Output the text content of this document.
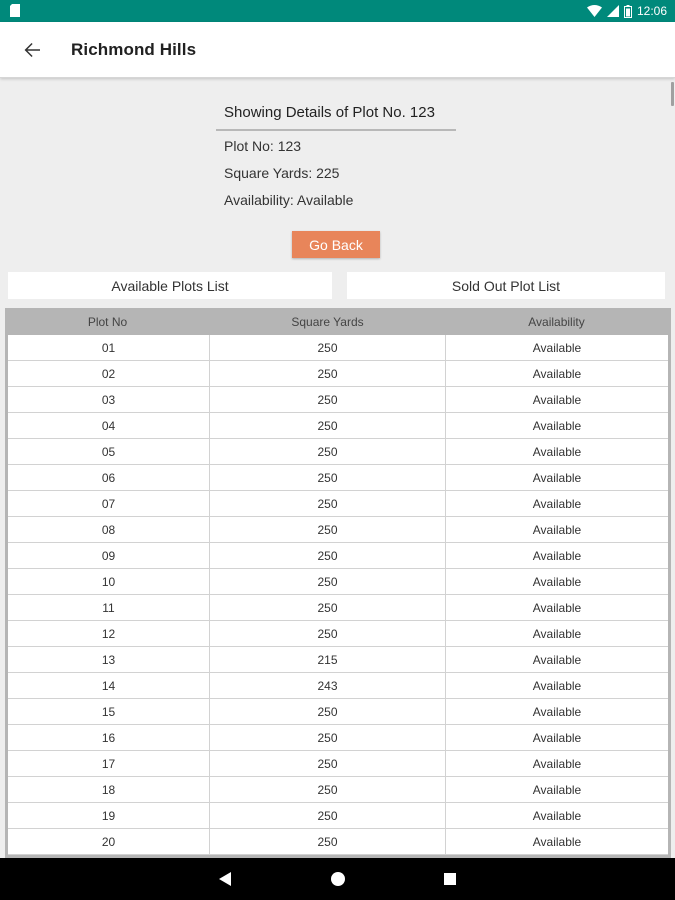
12:06
Richmond Hills
Showing Details of Plot No. 123
Plot No: 123
Square Yards: 225
Availability: Available
Go Back
Available Plots List	Sold Out Plot List
Plot No	Square Yards	Availability
01	250	Available
02	250	Available
03	250	Available
04	250	Available
05	250	Available
06	250	Available
07	250	Available
08	250	Available
09	250	Available
10	250	Available
11	250	Available
12	250	Available
13	215	Available
14	243	Available
15	250	Available
16	250	Available
17	250	Available
18	250	Available
19	250	Available
20	250	Available
